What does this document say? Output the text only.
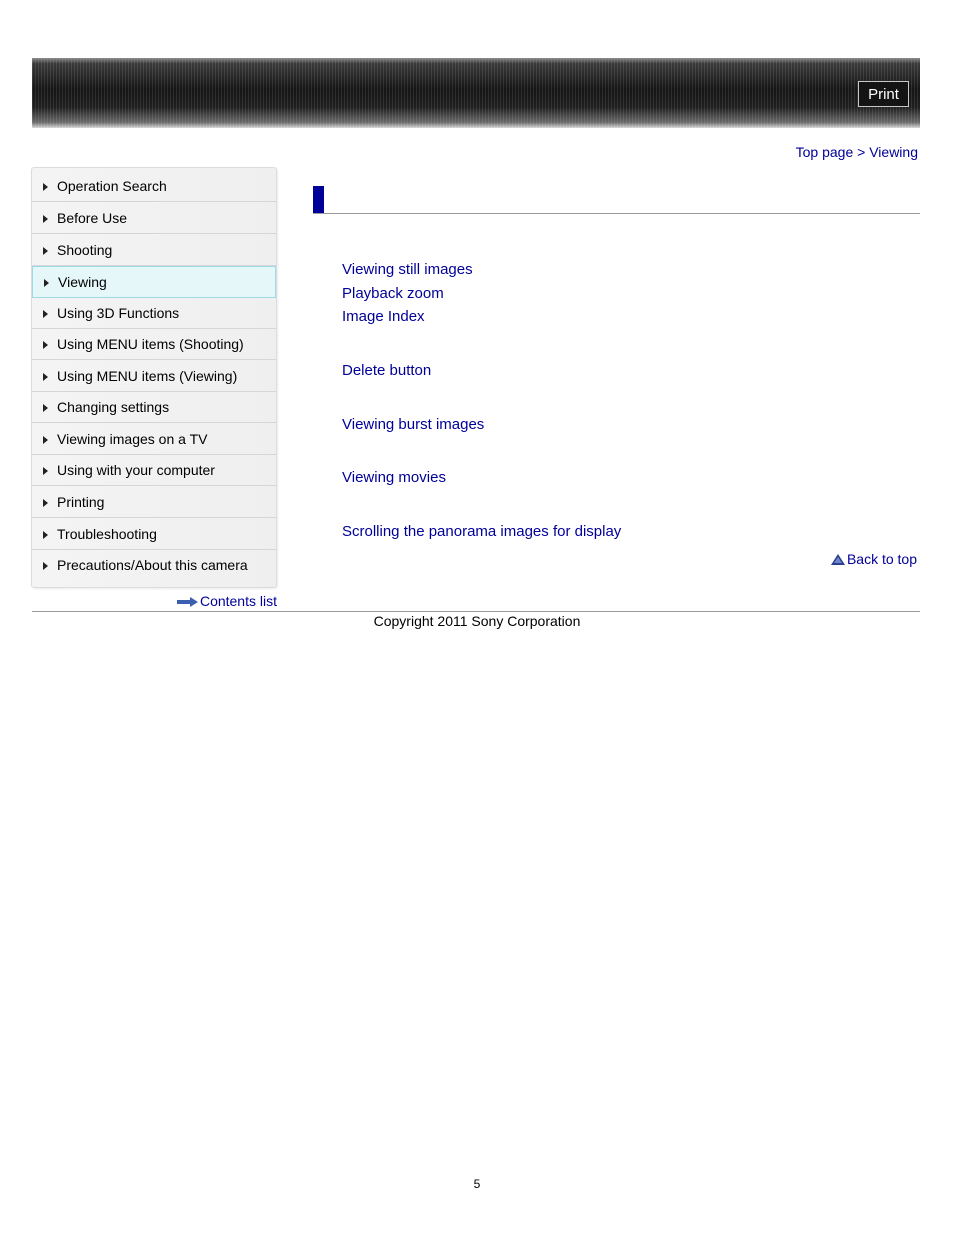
Print
Top page > Viewing
Operation Search
Before Use
Shooting
Viewing
Using 3D Functions
Using MENU items (Shooting)
Using MENU items (Viewing)
Changing settings
Viewing images on a TV
Using with your computer
Printing
Troubleshooting
Precautions/About this camera
Contents list
Viewing still images
Playback zoom
Image Index
Delete button
Viewing burst images
Viewing movies
Scrolling the panorama images for display
Back to top
Copyright 2011 Sony Corporation
5
